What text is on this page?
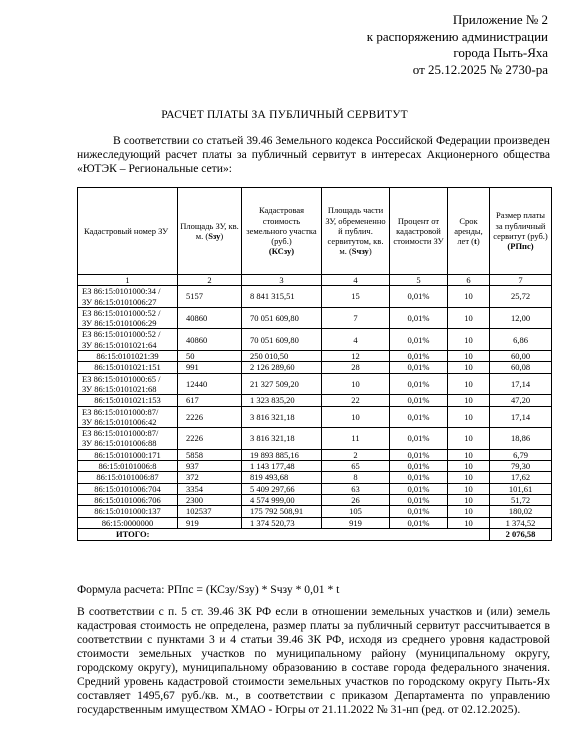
Приложение № 2
к распоряжению администрации
города Пыть-Яха
от 25.12.2025 № 2730-ра
РАСЧЕТ ПЛАТЫ ЗА ПУБЛИЧНЫЙ СЕРВИТУТ
В соответствии со статьей 39.46 Земельного кодекса Российской Федерации произведен нижеследующий расчет платы за публичный сервитут в интересах Акционерного общества «ЮТЭК – Региональные сети»:
Кадастровый номер ЗУ	Площадь ЗУ, кв. м. (Sзу)	Кадастровая стоимость земельного участка (руб.)
(КСзу)	Площадь части ЗУ, обремененно й публич. сервитутом, кв. м. (Sчзу)	Процент от кадастровой стоимости ЗУ	Срок аренды, лет (t)	Размер платы за публичный сервитут (руб.)
(РПпс)
1	2	3	4	5	6	7

ЕЗ 86:15:0101000:34 /
ЗУ 86:15:0101006:27	5157	8 841 315,51	15	0,01%	10	25,72

ЕЗ 86:15:0101000:52 /
ЗУ 86:15:0101006:29	40860	70 051 609,80	7	0,01%	10	12,00

ЕЗ 86:15:0101000:52 /
ЗУ 86:15:0101021:64	40860	70 051 609,80	4	0,01%	10	6,86

86:15:0101021:39	50	250 010,50	12	0,01%	10	60,00

86:15:0101021:151	991	2 126 289,60	28	0,01%	10	60,08

ЕЗ 86:15:0101000:65 /
ЗУ 86:15:0101021:68	12440	21 327 509,20	10	0,01%	10	17,14

86:15:0101021:153	617	1 323 835,20	22	0,01%	10	47,20

ЕЗ 86:15:0101000:87/
ЗУ 86:15:0101006:42	2226	3 816 321,18	10	0,01%	10	17,14

ЕЗ 86:15:0101000:87/
ЗУ 86:15:0101006:88	2226	3 816 321,18	11	0,01%	10	18,86

86:15:0101000:171	5858	19 893 885,16	2	0,01%	10	6,79

86:15:0101006:8	937	1 143 177,48	65	0,01%	10	79,30

86:15:0101006:87	372	819 493,68	8	0,01%	10	17,62

86:15:0101006:704	3354	5 409 297,66	63	0,01%	10	101,61

86:15:0101006:706	2300	4 574 999,00	26	0,01%	10	51,72

86:15:0101000:137	102537	175 792 508,91	105	0,01%	10	180,02

86:15:0000000	919	1 374 520,73	919	0,01%	10	1 374,52
ИТОГО:						2 076,58
Формула расчета: РПпс = (КСзу/Sзу) * Sчзу * 0,01 * t
В соответствии с п. 5 ст. 39.46 ЗК РФ если в отношении земельных участков и (или) земель кадастровая стоимость не определена, размер платы за публичный сервитут рассчитывается в соответствии с пунктами 3 и 4 статьи 39.46 ЗК РФ, исходя из среднего уровня кадастровой стоимости земельных участков по муниципальному району (муниципальному округу, городскому округу), муниципальному образованию в составе города федерального значения. Средний уровень кадастровой стоимости земельных участков по городскому округу Пыть-Ях составляет 1495,67 руб./кв. м., в соответствии с приказом Департамента по управлению государственным имуществом ХМАО - Югры от 21.11.2022 № 31-нп (ред. от 02.12.2025).
